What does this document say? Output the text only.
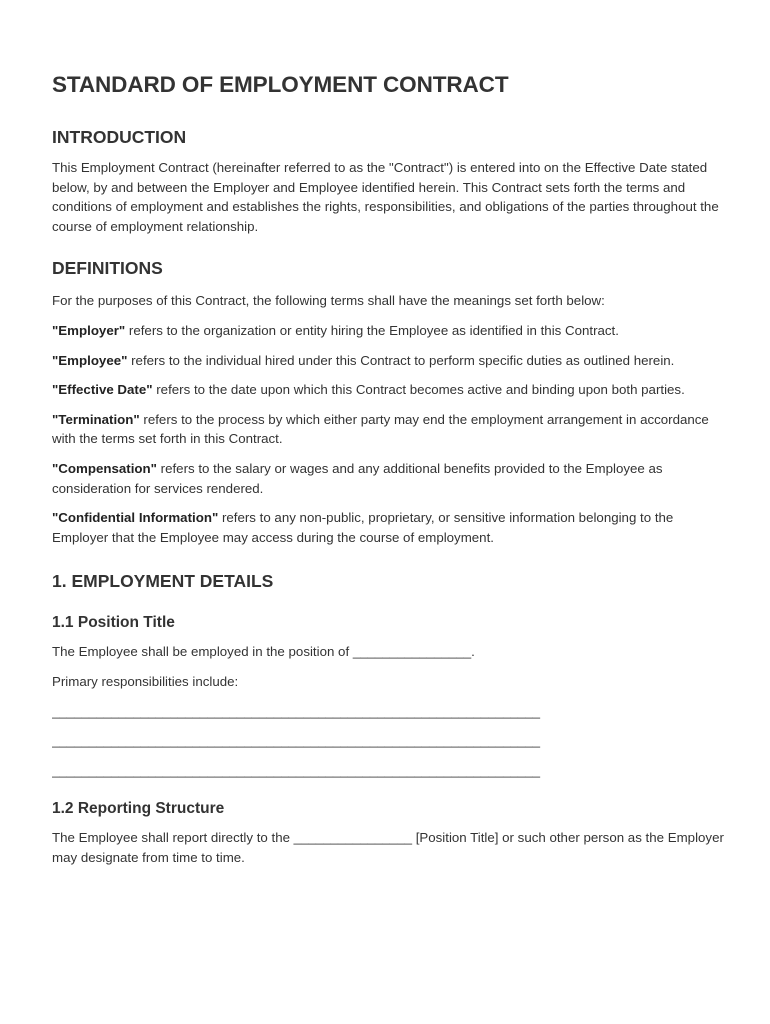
STANDARD OF EMPLOYMENT CONTRACT
INTRODUCTION

This Employment Contract (hereinafter referred to as the "Contract") is entered into on the Effective Date stated below, by and between the Employer and Employee identified herein. This Contract sets forth the terms and conditions of employment and establishes the rights, responsibilities, and obligations of the parties throughout the course of employment relationship.

DEFINITIONS

For the purposes of this Contract, the following terms shall have the meanings set forth below:

"Employer" refers to the organization or entity hiring the Employee as identified in this Contract.

"Employee" refers to the individual hired under this Contract to perform specific duties as outlined herein.

"Effective Date" refers to the date upon which this Contract becomes active and binding upon both parties.

"Termination" refers to the process by which either party may end the employment arrangement in accordance with the terms set forth in this Contract.

"Compensation" refers to the salary or wages and any additional benefits provided to the Employee as consideration for services rendered.

"Confidential Information" refers to any non-public, proprietary, or sensitive information belonging to the Employer that the Employee may access during the course of employment.

1. EMPLOYMENT DETAILS
1.1 Position Title

The Employee shall be employed in the position of ________________.

Primary responsibilities include:

__________________________________________________________________
__________________________________________________________________
__________________________________________________________________
1.2 Reporting Structure

The Employee shall report directly to the ________________ [Position Title] or such other person as the Employer may designate from time to time.
